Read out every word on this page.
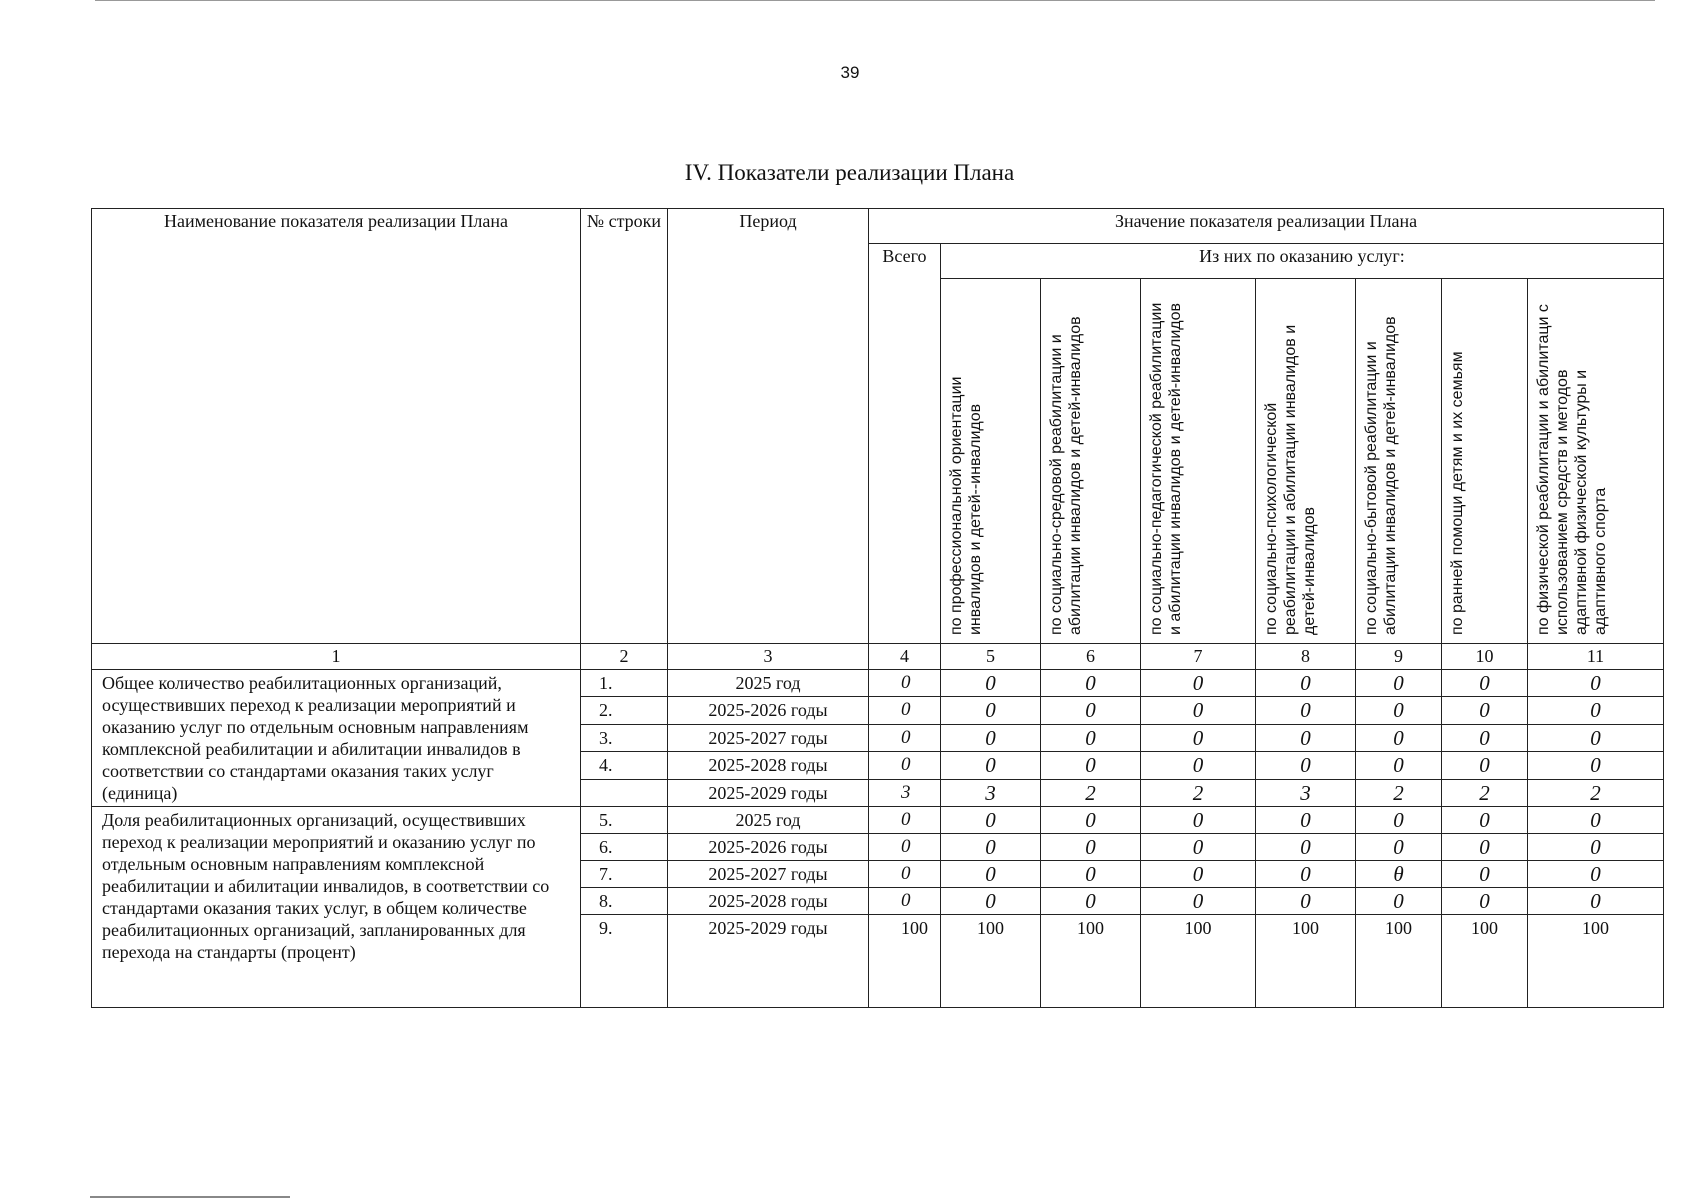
39
IV. Показатели реализации Плана
Наименование показателя реализации Плана	№ строки	Период	Значение показателя реализации Плана							
			Всего	Из них по оказанию услуг:						

				по профессиональной ориентации инвалидов и детей--инвалидов	по социально-средовой реабилитации и абилитации инвалидов и детей-инвалидов	по социально-педагогической реабилитации и абилитации инвалидов и детей-инвалидов	по социально-психологической реабилитации и абилитации инвалидов и детей-инвалидов	по социально-бытовой реабилитации и абилитации инвалидов и детей-инвалидов	по ранней помощи детям и их семьям	по физической реабилитации и абилитаци с использованием средств и методов адаптивной физической культуры и адаптивного спорта

1	2	3	4	5	6	7	8	9	10	11
Общее количество реабилитационных организаций, осуществивших переход к реализации мероприятий и оказанию услуг по отдельным основным направлениям комплексной реабилитации и абилитации инвалидов в соответствии со стандартами оказания таких услуг (единица)	1.	2025 год	0	0	0	0	0	0	0	0
	2.	2025-2026 годы	0	0	0	0	0	0	0	0
	3.	2025-2027 годы	0	0	0	0	0	0	0	0
	4.	2025-2028 годы	0	0	0	0	0	0	0	0
		2025-2029 годы	3	3	2	2	3	2	2	2
Доля реабилитационных организаций, осуществивших переход к реализации мероприятий и оказанию услуг по отдельным основным направлениям комплексной реабилитации и абилитации инвалидов, в соответствии со стандартами оказания таких услуг, в общем количестве реабилитационных организаций, запланированных для перехода на стандарты (процент)	5.	2025 год	0	0	0	0	0	0	0	0
	6.	2025-2026 годы	0	0	0	0	0	0	0	0
	7.	2025-2027 годы	0	0	0	0	0	θ	0	0
	8.	2025-2028 годы	0	0	0	0	0	0	0	0
	9.	2025-2029 годы	100	100	100	100	100	100	100	100
